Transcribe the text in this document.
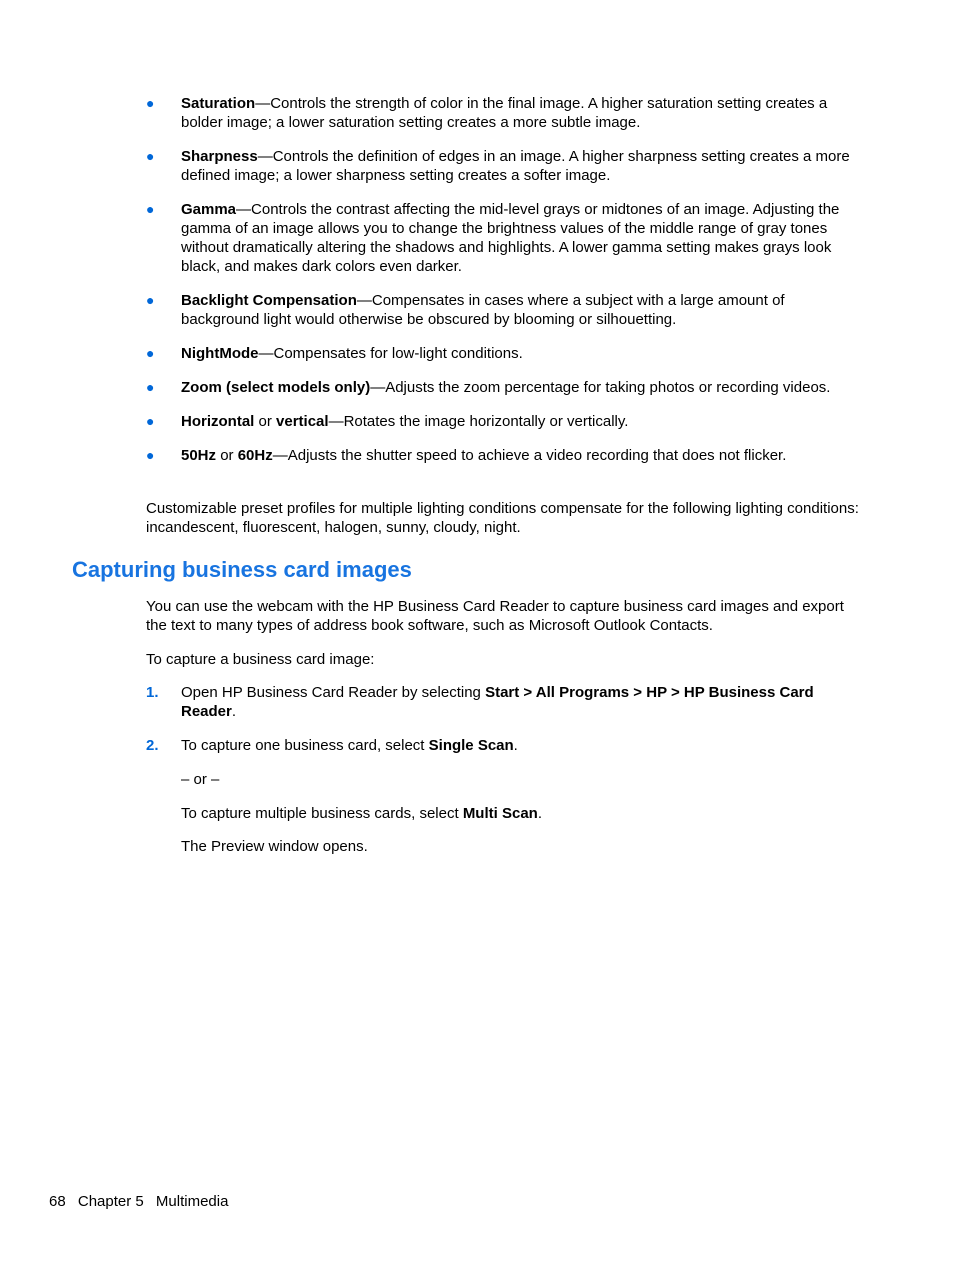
●	Saturation—Controls the strength of color in the final image. A higher saturation setting creates a bolder image; a lower saturation setting creates a more subtle image.
●	Sharpness—Controls the definition of edges in an image. A higher sharpness setting creates a more defined image; a lower sharpness setting creates a softer image.
●	Gamma—Controls the contrast affecting the mid-level grays or midtones of an image. Adjusting the gamma of an image allows you to change the brightness values of the middle range of gray tones without dramatically altering the shadows and highlights. A lower gamma setting makes grays look black, and makes dark colors even darker.
●	Backlight Compensation—Compensates in cases where a subject with a large amount of background light would otherwise be obscured by blooming or silhouetting.
●	NightMode—Compensates for low-light conditions.
●	Zoom (select models only)—Adjusts the zoom percentage for taking photos or recording videos.
●	Horizontal or vertical—Rotates the image horizontally or vertically.
●	50Hz or 60Hz—Adjusts the shutter speed to achieve a video recording that does not flicker.
Customizable preset profiles for multiple lighting conditions compensate for the following lighting conditions: incandescent, fluorescent, halogen, sunny, cloudy, night.
Capturing business card images
You can use the webcam with the HP Business Card Reader to capture business card images and export the text to many types of address book software, such as Microsoft Outlook Contacts.
To capture a business card image:
1. Open HP Business Card Reader by selecting Start > All Programs > HP > HP Business Card Reader.
2. To capture one business card, select Single Scan.
– or –
To capture multiple business cards, select Multi Scan.
The Preview window opens.
68 Chapter 5 Multimedia
